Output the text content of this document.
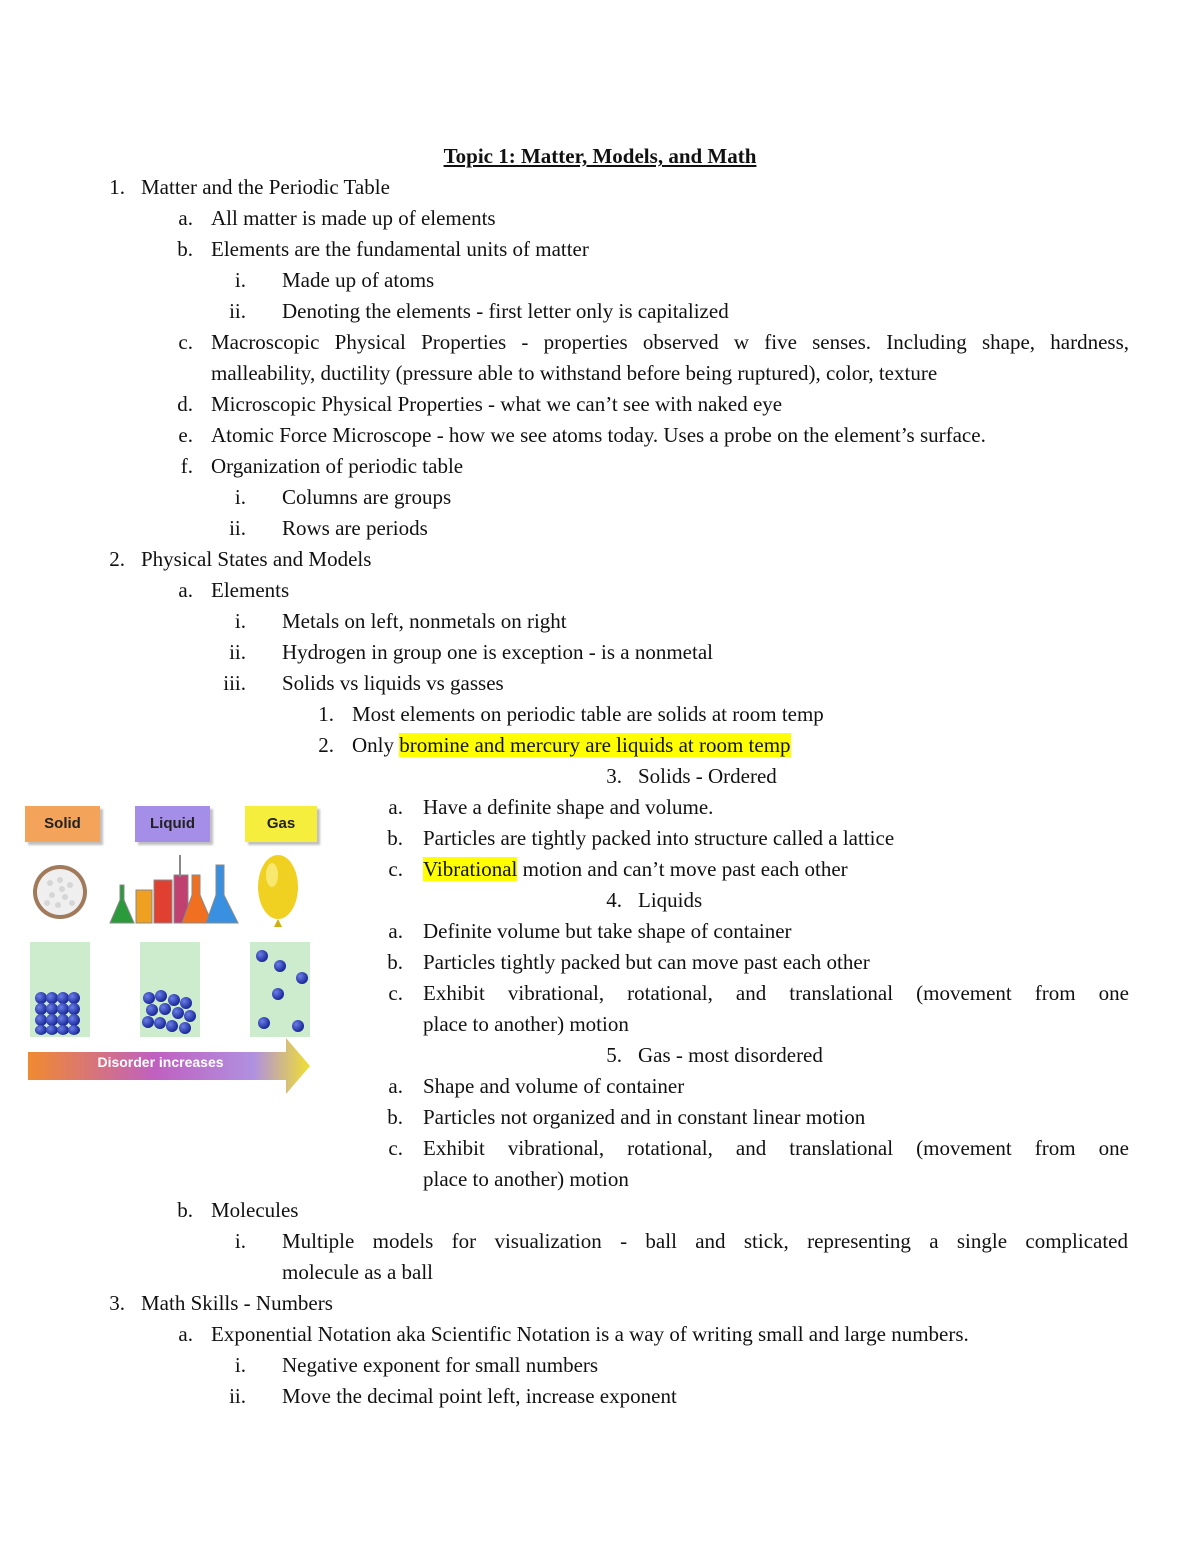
Topic 1: Matter, Models, and Math
1. Matter and the Periodic Table
a. All matter is made up of elements
b. Elements are the fundamental units of matter
i. Made up of atoms
ii. Denoting the elements - first letter only is capitalized
c. Macroscopic Physical Properties - properties observed w five senses. Including shape, hardness,
malleability, ductility (pressure able to withstand before being ruptured), color, texture
d. Microscopic Physical Properties - what we can’t see with naked eye
e. Atomic Force Microscope - how we see atoms today. Uses a probe on the element’s surface.
f. Organization of periodic table
i. Columns are groups
ii. Rows are periods
2. Physical States and Models
a. Elements
i. Metals on left, nonmetals on right
ii. Hydrogen in group one is exception - is a nonmetal
iii. Solids vs liquids vs gasses
1. Most elements on periodic table are solids at room temp
2. Only bromine and mercury are liquids at room temp
3. Solids - Ordered
a. Have a definite shape and volume.
b. Particles are tightly packed into structure called a lattice
c. Vibrational motion and can’t move past each other
4. Liquids
a. Definite volume but take shape of container
b. Particles tightly packed but can move past each other
c. Exhibit vibrational, rotational, and translational (movement from one
place to another) motion
5. Gas - most disordered
a. Shape and volume of container
b. Particles not organized and in constant linear motion
c. Exhibit vibrational, rotational, and translational (movement from one
place to another) motion
b. Molecules
i. Multiple models for visualization - ball and stick, representing a single complicated
molecule as a ball
3. Math Skills - Numbers
a. Exponential Notation aka Scientific Notation is a way of writing small and large numbers.
i. Negative exponent for small numbers
ii. Move the decimal point left, increase exponent
Solid	Liquid	Gas
Disorder increases
